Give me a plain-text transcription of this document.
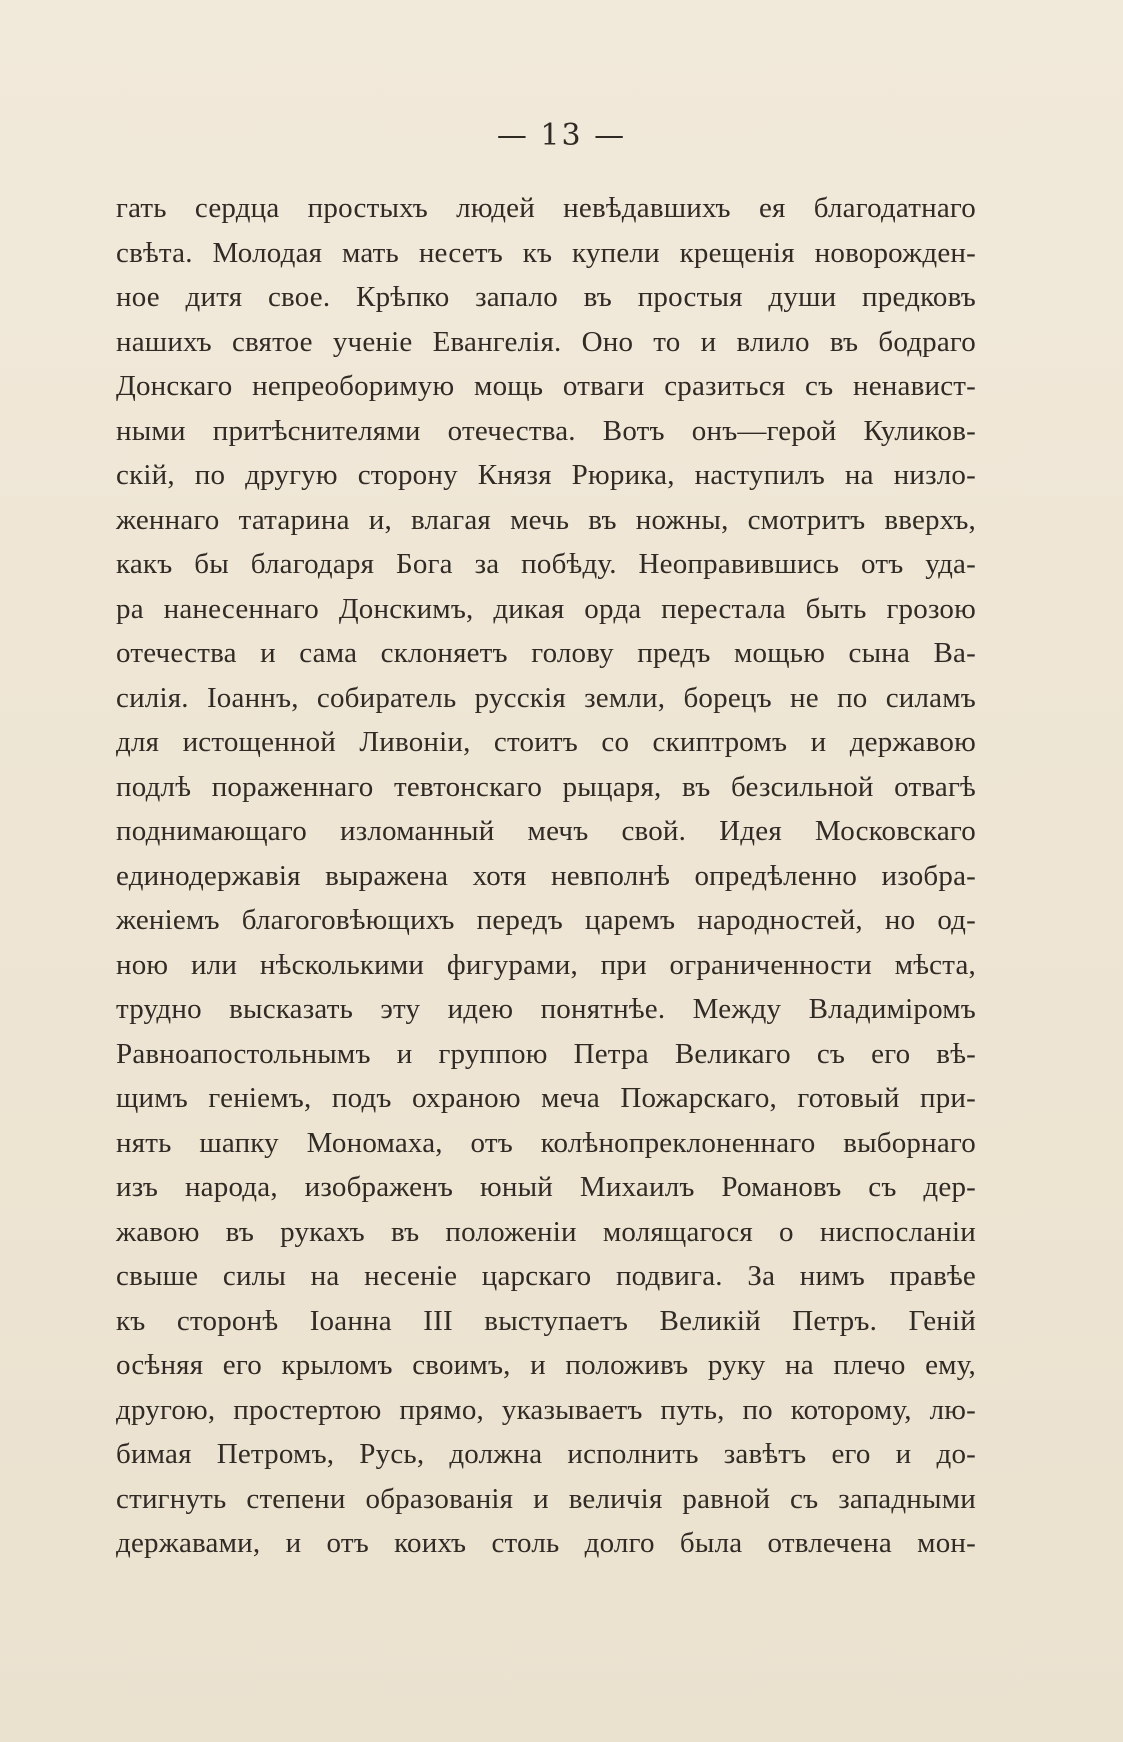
— 13 —
гать сердца простыхъ людей невѣдавшихъ ея благодатнаго
свѣта. Молодая мать несетъ къ купели крещенія новорожден-
ное дитя свое. Крѣпко запало въ простыя души предковъ
нашихъ святое ученіе Евангелія. Оно то и влило въ бодраго
Донскаго непреоборимую мощь отваги сразиться съ ненавист-
ными притѣснителями отечества. Вотъ онъ—герой Куликов-
скій, по другую сторону Князя Рюрика, наступилъ на низло-
женнаго татарина и, влагая мечь въ ножны, смотритъ вверхъ,
какъ бы благодаря Бога за побѣду. Неоправившись отъ уда-
ра нанесеннаго Донскимъ, дикая орда перестала быть грозою
отечества и сама склоняетъ голову предъ мощью сына Ва-
силія. Іоаннъ, собиратель русскія земли, борецъ не по силамъ
для истощенной Ливоніи, стоитъ со скиптромъ и державою
подлѣ пораженнаго тевтонскаго рыцаря, въ безсильной отвагѣ
поднимающаго изломанный мечъ свой. Идея Московскаго
единодержавія выражена хотя невполнѣ опредѣленно изобра-
женіемъ благоговѣющихъ передъ царемъ народностей, но од-
ною или нѣсколькими фигурами, при ограниченности мѣста,
трудно высказать эту идею понятнѣе. Между Владиміромъ
Равноапостольнымъ и группою Петра Великаго съ его вѣ-
щимъ геніемъ, подъ охраною меча Пожарскаго, готовый при-
нять шапку Мономаха, отъ колѣнопреклоненнаго выборнаго
изъ народа, изображенъ юный Михаилъ Романовъ съ дер-
жавою въ рукахъ въ положеніи молящагося о ниспосланіи
свыше силы на несеніе царскаго подвига. За нимъ правѣе
къ сторонѣ Іоанна III выступаетъ Великій Петръ. Геній
осѣняя его крыломъ своимъ, и положивъ руку на плечо ему,
другою, простертою прямо, указываетъ путь, по которому, лю-
бимая Петромъ, Русь, должна исполнить завѣтъ его и до-
стигнуть степени образованія и величія равной съ западными
державами, и отъ коихъ столь долго была отвлечена мон-
